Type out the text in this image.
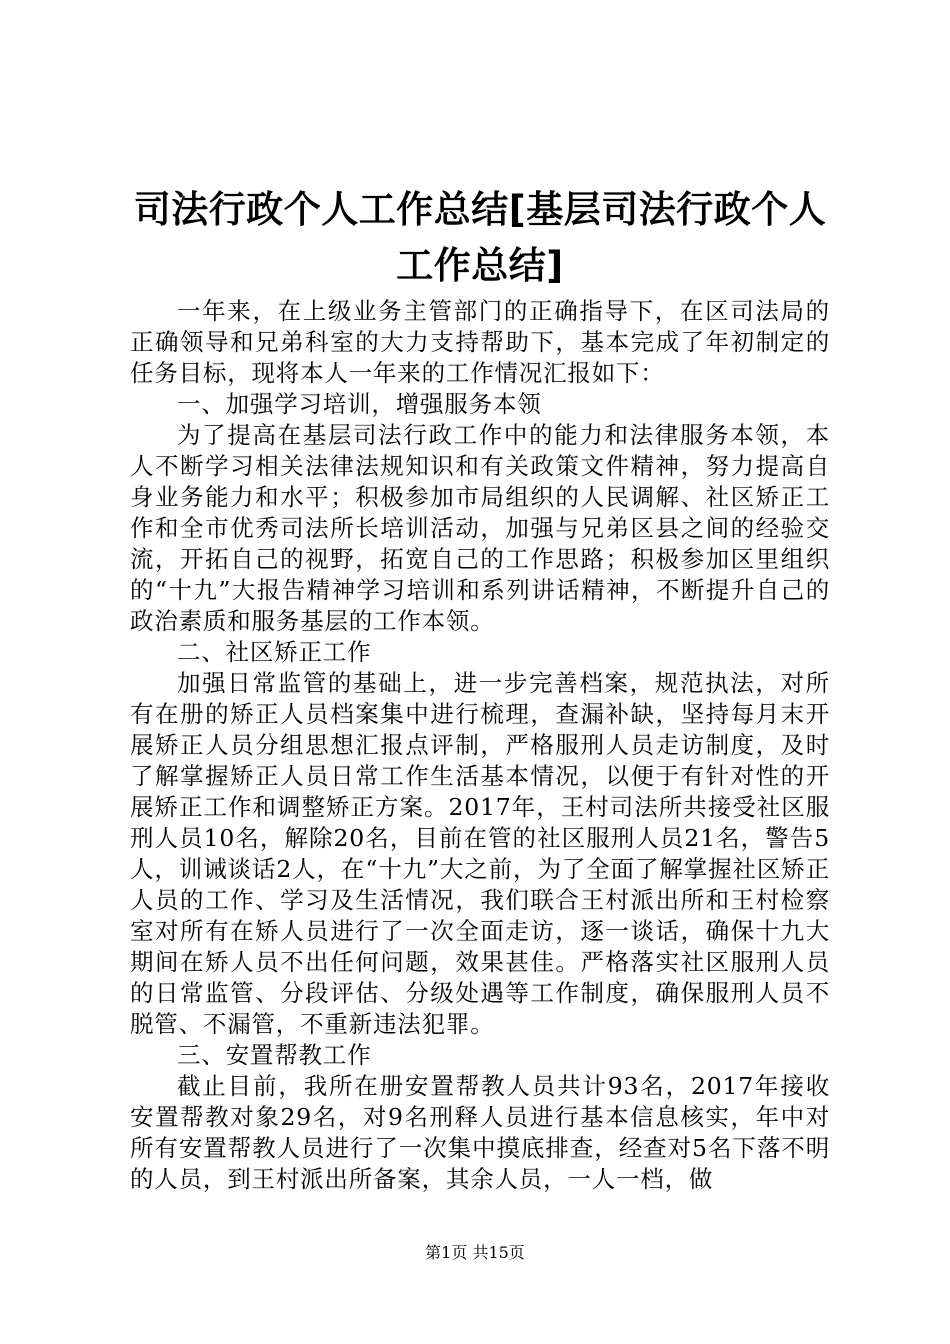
司法行政个人工作总结[基层司法行政个人工作总结]

一年来，在上级业务主管部门的正确指导下，在区司法局的正确领导和兄弟科室的大力支持帮助下，基本完成了年初制定的任务目标，现将本人一年来的工作情况汇报如下：

一、加强学习培训，增强服务本领

为了提高在基层司法行政工作中的能力和法律服务本领，本人不断学习相关法律法规知识和有关政策文件精神，努力提高自身业务能力和水平；积极参加市局组织的人民调解、社区矫正工作和全市优秀司法所长培训活动，加强与兄弟区县之间的经验交流，开拓自己的视野，拓宽自己的工作思路；积极参加区里组织的“十九”大报告精神学习培训和系列讲话精神，不断提升自己的政治素质和服务基层的工作本领。

二、社区矫正工作

加强日常监管的基础上，进一步完善档案，规范执法，对所有在册的矫正人员档案集中进行梳理，查漏补缺，坚持每月末开展矫正人员分组思想汇报点评制，严格服刑人员走访制度，及时了解掌握矫正人员日常工作生活基本情况，以便于有针对性的开展矫正工作和调整矫正方案。2017年，王村司法所共接受社区服刑人员10名，解除20名，目前在管的社区服刑人员21名，警告5人，训诫谈话2人，在“十九”大之前，为了全面了解掌握社区矫正人员的工作、学习及生活情况，我们联合王村派出所和王村检察室对所有在矫人员进行了一次全面走访，逐一谈话，确保十九大期间在矫人员不出任何问题，效果甚佳。严格落实社区服刑人员的日常监管、分段评估、分级处遇等工作制度，确保服刑人员不脱管、不漏管，不重新违法犯罪。

三、安置帮教工作

截止目前，我所在册安置帮教人员共计93名，2017年接收安置帮教对象29名，对9名刑释人员进行基本信息核实，年中对所有安置帮教人员进行了一次集中摸底排查，经查对5名下落不明的人员，到王村派出所备案，其余人员，一人一档，做

第1页 共15页
